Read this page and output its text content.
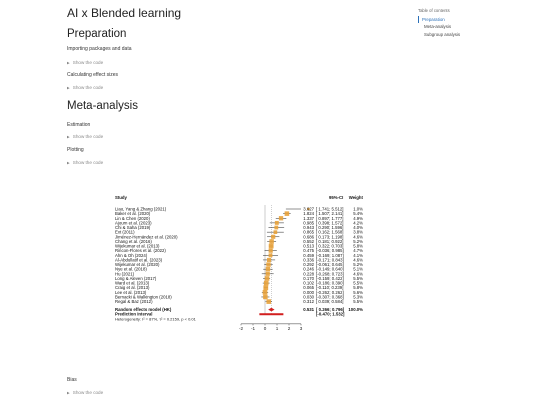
AI x Blended learning
Preparation
Importing packages and data
▶ Show the code
Calculating effect sizes
▶ Show the code
Meta-analysis
Estimation
▶ Show the code
Plotting
▶ Show the code
Bias
▶ Show the code
Table of contents
Preparation
Meta-analysis
Subgroup analysis
Study	95%-CI Weight
Liao, Yang & Zhang (2021)	3.627 [ 1.741; 5.512] 1.0%
Baker et al. (2020)	1.824 [ 1.507; 2.141] 5.4%
Lin & Chen (2020)	1.337 [ 0.897; 1.777] 4.9%
Ajourn et al. (2023)	0.985 [ 0.398; 1.572] 4.2%
Chi & Saha (2019)	0.943 [ 0.290; 1.596] 4.0%
Ext (2011)	0.865 [ 0.162; 1.568] 3.8%
Jiménez-Hernández et al. (2020)	0.686 [ 0.173; 1.198] 4.6%
Chang et al. (2016)	0.552 [ 0.181; 0.922] 5.2%
Wijekumar et al. (2013)	0.513 [ 0.322; 0.703] 5.8%
Rincon-Flores et al. (2022)	0.475 [-0.036; 0.985] 4.7%
Ahn & Oh (2024)	0.459 [-0.169; 1.087] 4.1%
Al-Abdullatif et al. (2023)	0.336 [-0.171; 0.843] 4.6%
Wijekumar et al. (2020)	0.292 [-0.061; 0.645] 5.2%
Nye et al. (2018)	0.246 [-0.149; 0.640] 5.1%
Hu (2021)	0.228 [-0.268; 0.723] 4.6%
Long & Aleven (2017)	0.170 [-0.159; 0.422] 5.5%
Ward et al. (2013)	0.102 [-0.186; 0.390] 5.5%
Craig et al. (2013)	0.065 [-0.110; 0.239] 5.8%
Lee et al. (2013)	0.000 [-0.262; 0.262] 5.6%
Bernacki & Walkington (2018)	0.030 [-0.307; 0.368] 5.3%
Regal & Baz (2012)	0.312 [ 0.039; 0.584] 5.5%
Random effects model (HK)	0.531 [ 0.266; 0.796] 100.0%
Prediction interval	[-0.470; 1.532]
Heterogeneity: I² = 87%, τ² = 0.2159, p < 0.01
-2 -1 0 1 2 3
